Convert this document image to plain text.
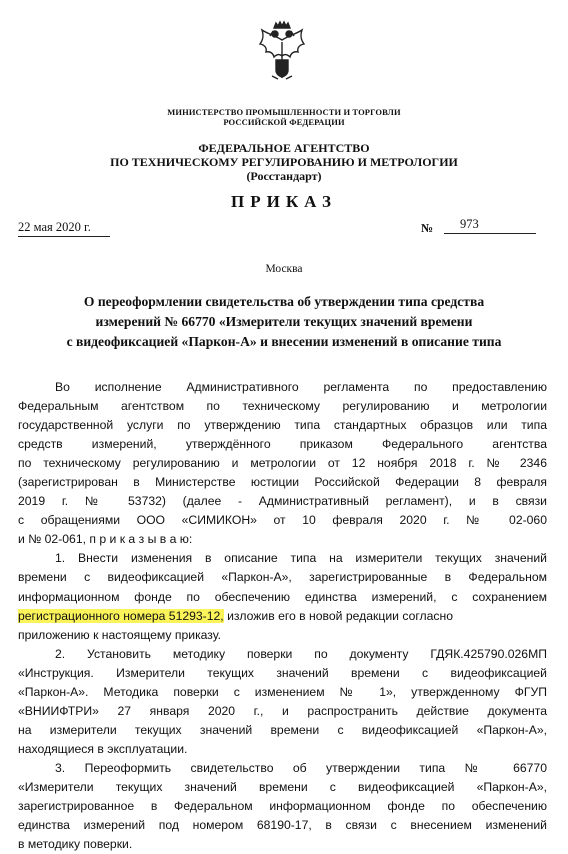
МИНИСТЕРСТВО ПРОМЫШЛЕННОСТИ И ТОРГОВЛИ
РОССИЙСКОЙ ФЕДЕРАЦИИ
ФЕДЕРАЛЬНОЕ АГЕНТСТВО
ПО ТЕХНИЧЕСКОМУ РЕГУЛИРОВАНИЮ И МЕТРОЛОГИИ
(Росстандарт)
ПРИКАЗ
22 мая 2020 г.	№	973
Москва
О переоформлении свидетельства об утверждении типа средства
измерений № 66770 «Измерители текущих значений времени
с видеофиксацией «Паркон-А» и внесении изменений в описание типа
Во исполнение Административного регламента по предоставлению
Федеральным агентством по техническому регулированию и метрологии
государственной услуги по утверждению типа стандартных образцов или типа
средств измерений, утверждённого приказом Федерального агентства
по техническому регулированию и метрологии от 12 ноября 2018 г. № 2346
(зарегистрирован в Министерстве юстиции Российской Федерации 8 февраля
2019 г. № 53732) (далее - Административный регламент), и в связи
с обращениями ООО «СИМИКОН» от 10 февраля 2020 г. № 02-060
и № 02-061, п р и к а з ы в а ю:
1. Внести изменения в описание типа на измерители текущих значений
времени с видеофиксацией «Паркон-А», зарегистрированные в Федеральном
информационном фонде по обеспечению единства измерений, с сохранением
регистрационного номера 51293-12, изложив его в новой редакции согласно
приложению к настоящему приказу.
2. Установить методику поверки по документу ГДЯК.425790.026МП
«Инструкция. Измерители текущих значений времени с видеофиксацией
«Паркон-А». Методика поверки с изменением № 1», утвержденному ФГУП
«ВНИИФТРИ» 27 января 2020 г., и распространить действие документа
на измерители текущих значений времени с видеофиксацией «Паркон-А»,
находящиеся в эксплуатации.
3. Переоформить свидетельство об утверждении типа № 66770
«Измерители текущих значений времени с видеофиксацией «Паркон-А»,
зарегистрированное в Федеральном информационном фонде по обеспечению
единства измерений под номером 68190-17, в связи с внесением изменений
в методику поверки.
